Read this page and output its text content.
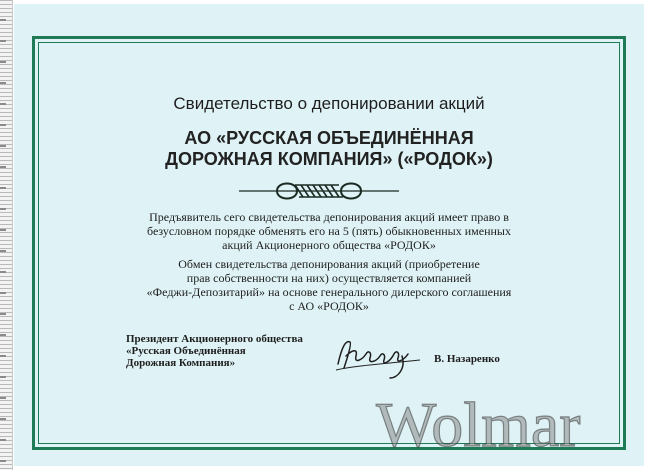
Свидетельство о депонировании акций
АО «РУССКАЯ ОБЪЕДИНЁННАЯ
ДОРОЖНАЯ КОМПАНИЯ» («РОДОК»)
Предъявитель сего свидетельства депонирования акций имеет право в
безусловном порядке обменять его на 5 (пять) обыкновенных именных
акций Акционерного общества «РОДОК»
Обмен свидетельства депонирования акций (приобретение
прав собственности на них) осуществляется компанией
«Феджи-Депозитарий» на основе генерального дилерского соглашения
с АО «РОДОК»
Президент Акционерного общества
«Русская Объединённая
Дорожная Компания»	В. Назаренко
Wolmar
